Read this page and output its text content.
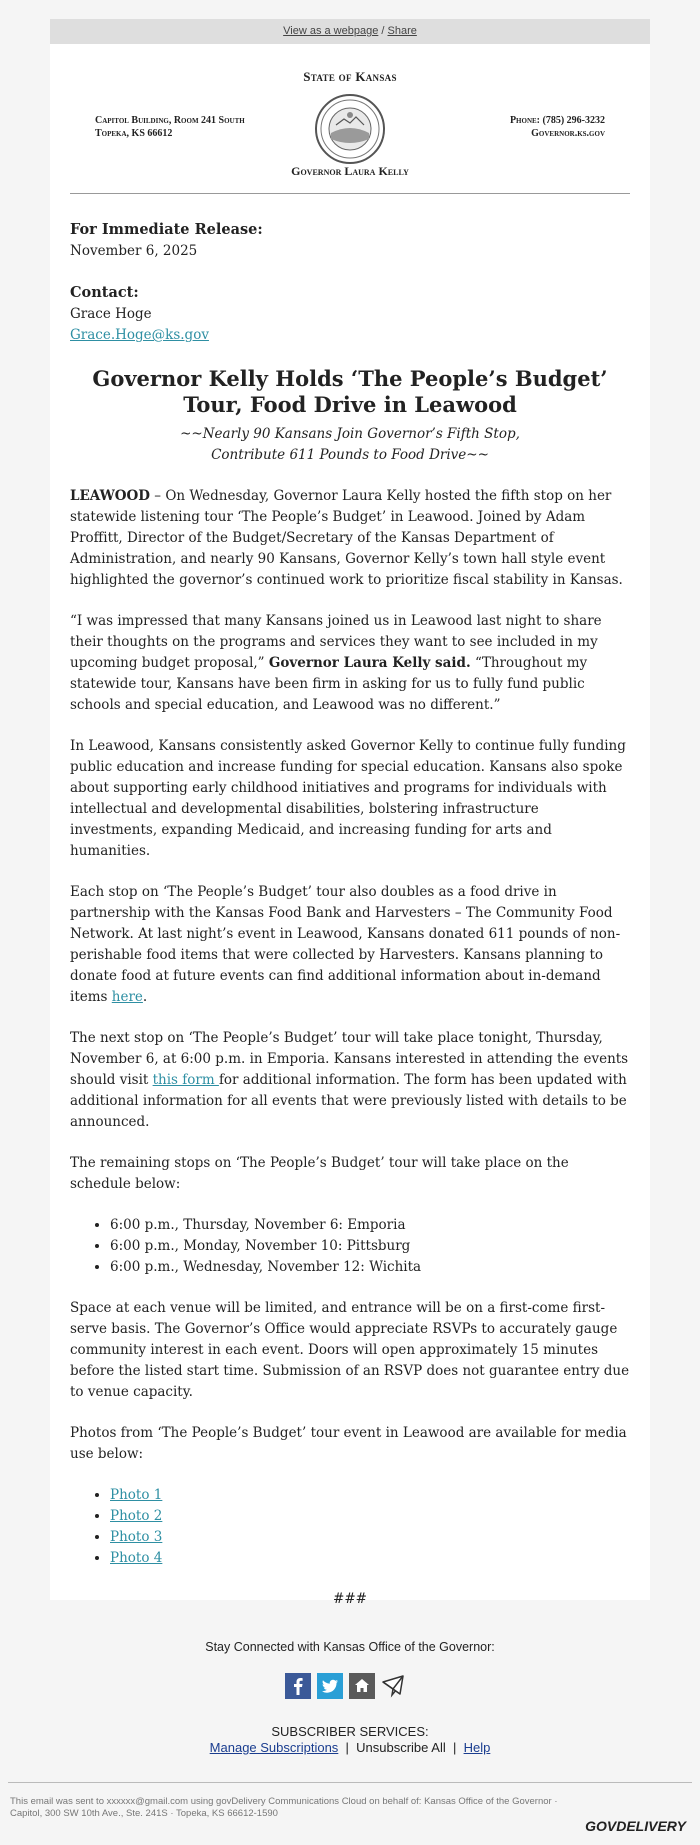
View as a webpage / Share
State of Kansas
Capitol Building, Room 241 South
Topeka, KS 66612
Phone: (785) 296-3232
Governor.ks.gov
Governor Laura Kelly

For Immediate Release:
November 6, 2025

Contact:
Grace Hoge
Grace.Hoge@ks.gov

Governor Kelly Holds ‘The People’s Budget’ Tour, Food Drive in Leawood
~~Nearly 90 Kansans Join Governor’s Fifth Stop,
Contribute 611 Pounds to Food Drive~~

LEAWOOD – On Wednesday, Governor Laura Kelly hosted the fifth stop on her statewide listening tour ‘The People’s Budget’ in Leawood. Joined by Adam Proffitt, Director of the Budget/Secretary of the Kansas Department of Administration, and nearly 90 Kansans, Governor Kelly’s town hall style event highlighted the governor’s continued work to prioritize fiscal stability in Kansas.

“I was impressed that many Kansans joined us in Leawood last night to share their thoughts on the programs and services they want to see included in my upcoming budget proposal,” Governor Laura Kelly said. “Throughout my statewide tour, Kansans have been firm in asking for us to fully fund public schools and special education, and Leawood was no different.”

In Leawood, Kansans consistently asked Governor Kelly to continue fully funding public education and increase funding for special education. Kansans also spoke about supporting early childhood initiatives and programs for individuals with intellectual and developmental disabilities, bolstering infrastructure investments, expanding Medicaid, and increasing funding for arts and humanities.

Each stop on ‘The People’s Budget’ tour also doubles as a food drive in partnership with the Kansas Food Bank and Harvesters – The Community Food Network. At last night’s event in Leawood, Kansans donated 611 pounds of non-perishable food items that were collected by Harvesters. Kansans planning to donate food at future events can find additional information about in-demand items here.

The next stop on ‘The People’s Budget’ tour will take place tonight, Thursday, November 6, at 6:00 p.m. in Emporia. Kansans interested in attending the events should visit this form for additional information. The form has been updated with additional information for all events that were previously listed with details to be announced.

The remaining stops on ‘The People’s Budget’ tour will take place on the schedule below:

• 6:00 p.m., Thursday, November 6: Emporia
• 6:00 p.m., Monday, November 10: Pittsburg
• 6:00 p.m., Wednesday, November 12: Wichita

Space at each venue will be limited, and entrance will be on a first-come first-serve basis. The Governor’s Office would appreciate RSVPs to accurately gauge community interest in each event. Doors will open approximately 15 minutes before the listed start time. Submission of an RSVP does not guarantee entry due to venue capacity.

Photos from ‘The People’s Budget’ tour event in Leawood are available for media use below:

• Photo 1
• Photo 2
• Photo 3
• Photo 4
###
Stay Connected with Kansas Office of the Governor:
SUBSCRIBER SERVICES:
Manage Subscriptions  |  Unsubscribe All  |  Help
This email was sent to xxxxxx@gmail.com using govDelivery Communications Cloud on behalf of: Kansas Office of the Governor · Capitol, 300 SW 10th Ave., Ste. 241S · Topeka, KS 66612-1590
GOVDELIVERY
